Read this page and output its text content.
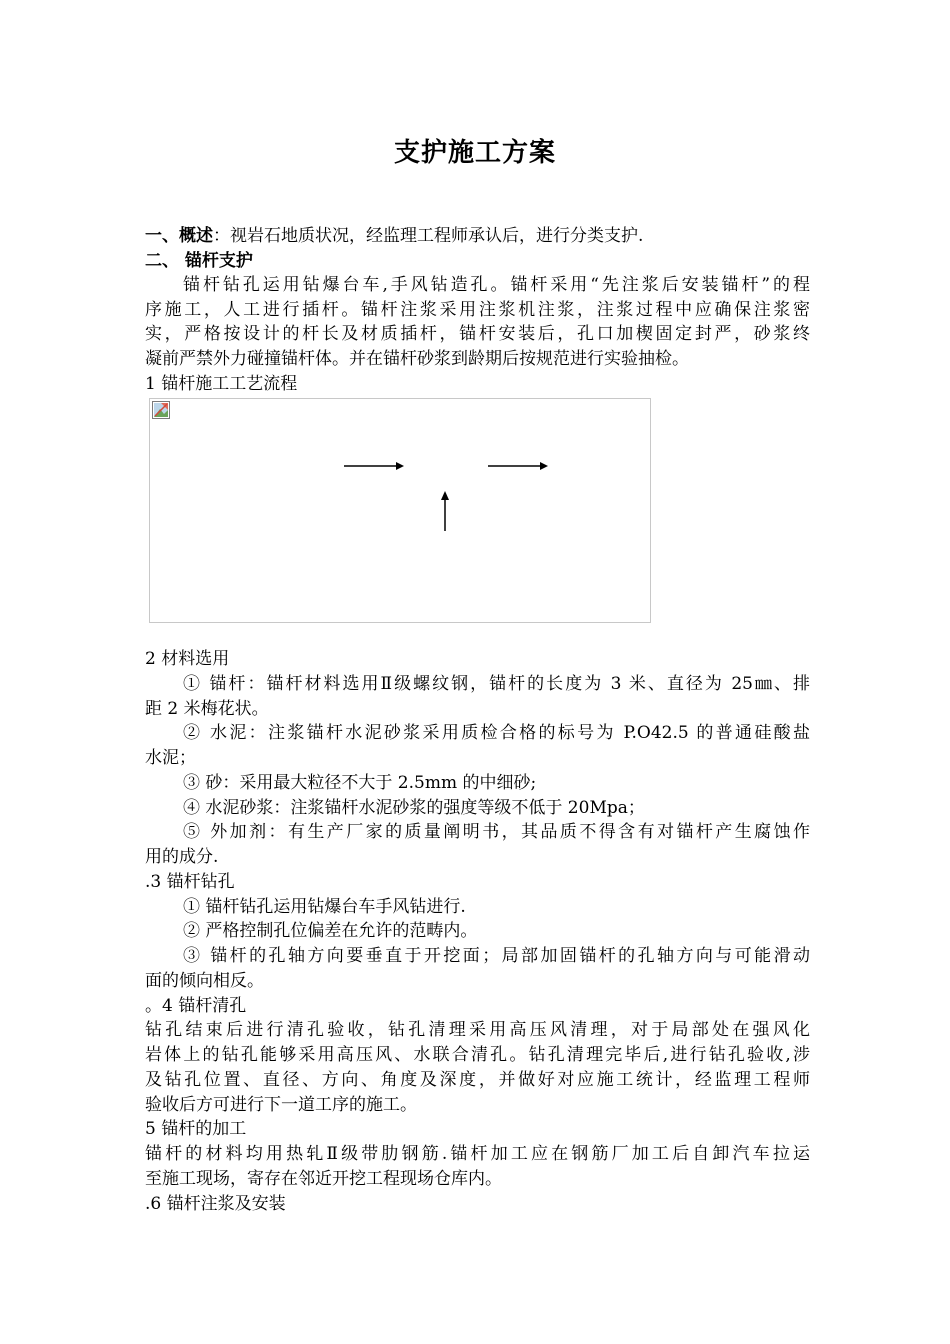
支护施工方案
一、概述：视岩石地质状况，经监理工程师承认后，进行分类支护.
二、 锚杆支护
锚杆钻孔运用钻爆台车,手风钻造孔。锚杆采用“先注浆后安装锚杆”的程
序施工，人工进行插杆。锚杆注浆采用注浆机注浆，注浆过程中应确保注浆密
实，严格按设计的杆长及材质插杆，锚杆安装后，孔口加楔固定封严，砂浆终
凝前严禁外力碰撞锚杆体。并在锚杆砂浆到龄期后按规范进行实验抽检。
1 锚杆施工工艺流程
2 材料选用
① 锚杆：锚杆材料选用Ⅱ级螺纹钢，锚杆的长度为 3 米、直径为 25㎜、排
距 2 米梅花状。
② 水泥：注浆锚杆水泥砂浆采用质检合格的标号为 P.O42.5 的普通硅酸盐
水泥；
③ 砂：采用最大粒径不大于 2.5mm 的中细砂;
④ 水泥砂浆：注浆锚杆水泥砂浆的强度等级不低于 20Mpa；
⑤ 外加剂：有生产厂家的质量阐明书，其品质不得含有对锚杆产生腐蚀作
用的成分.
.3 锚杆钻孔
① 锚杆钻孔运用钻爆台车手风钻进行.
② 严格控制孔位偏差在允许的范畴内。
③ 锚杆的孔轴方向要垂直于开挖面；局部加固锚杆的孔轴方向与可能滑动
面的倾向相反。
。4 锚杆清孔
钻孔结束后进行清孔验收，钻孔清理采用高压风清理，对于局部处在强风化
岩体上的钻孔能够采用高压风、水联合清孔。钻孔清理完毕后,进行钻孔验收,涉
及钻孔位置、直径、方向、角度及深度，并做好对应施工统计，经监理工程师
验收后方可进行下一道工序的施工。
5 锚杆的加工
锚杆的材料均用热轧Ⅱ级带肋钢筋.锚杆加工应在钢筋厂加工后自卸汽车拉运
至施工现场，寄存在邻近开挖工程现场仓库内。
.6 锚杆注浆及安装
